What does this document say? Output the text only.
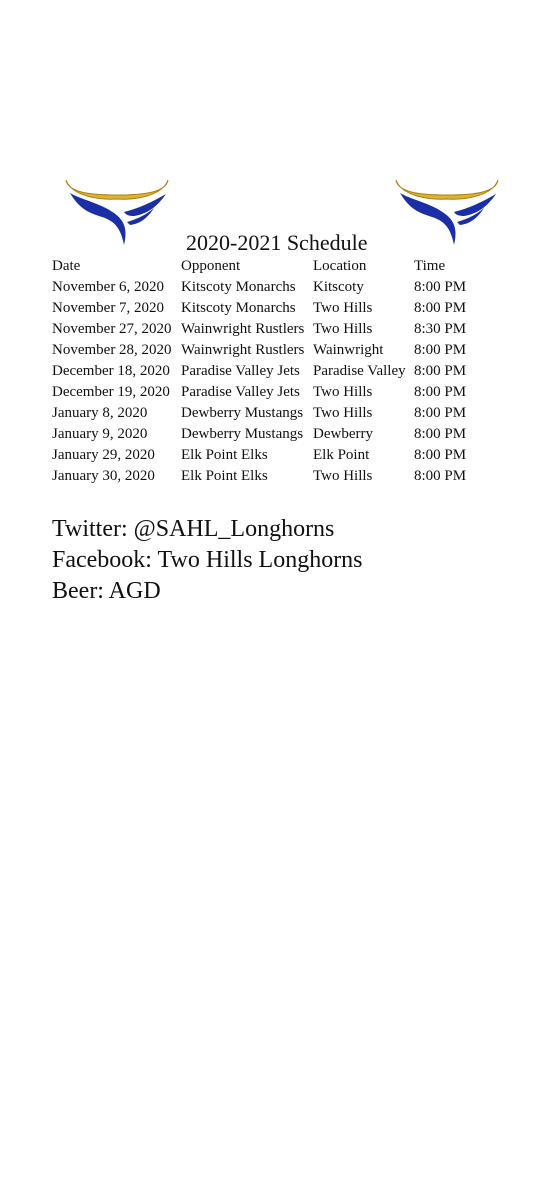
2020-2021 Schedule
Date	Opponent	Location	Time
November 6, 2020	Kitscoty Monarchs	Kitscoty	8:00 PM
November 7, 2020	Kitscoty Monarchs	Two Hills	8:00 PM
November 27, 2020	Wainwright Rustlers	Two Hills	8:30 PM
November 28, 2020	Wainwright Rustlers	Wainwright	8:00 PM
December 18, 2020	Paradise Valley Jets	Paradise Valley	8:00 PM
December 19, 2020	Paradise Valley Jets	Two Hills	8:00 PM
January 8, 2020	Dewberry Mustangs	Two Hills	8:00 PM
January 9, 2020	Dewberry Mustangs	Dewberry	8:00 PM
January 29, 2020	Elk Point Elks	Elk Point	8:00 PM
January 30, 2020	Elk Point Elks	Two Hills	8:00 PM
Twitter: @SAHL_Longhorns
Facebook: Two Hills Longhorns
Beer: AGD
